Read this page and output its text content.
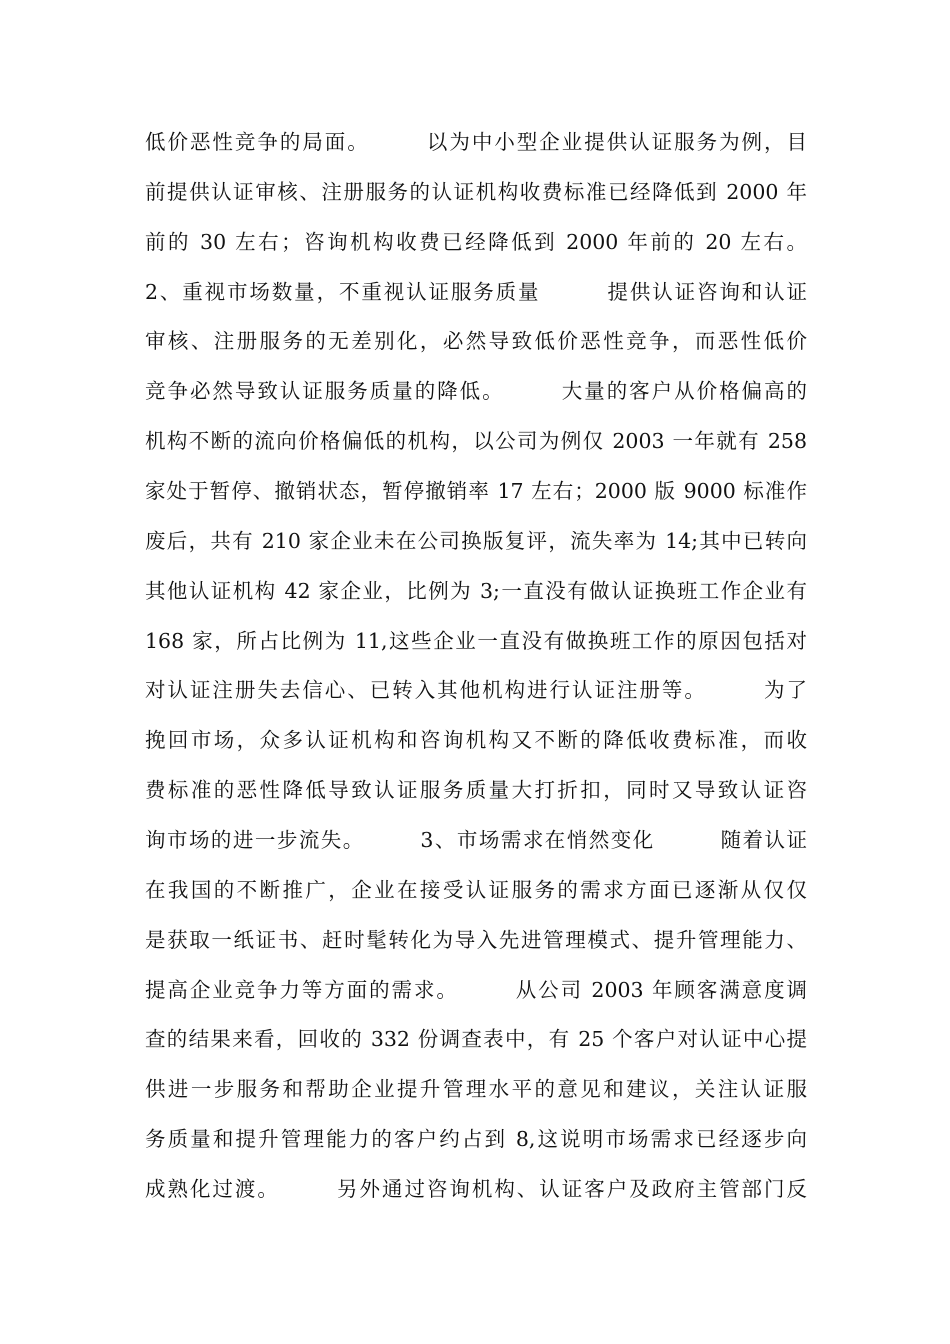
低价恶性竞争的局面。　　　以为中小型企业提供认证服务为例，目
前提供认证审核、注册服务的认证机构收费标准已经降低到 2000 年
前的 30 左右；咨询机构收费已经降低到 2000 年前的 20 左右。
2、重视市场数量，不重视认证服务质量　　　提供认证咨询和认证
审核、注册服务的无差别化，必然导致低价恶性竞争，而恶性低价
竞争必然导致认证服务质量的降低。　　　大量的客户从价格偏高的
机构不断的流向价格偏低的机构，以公司为例仅 2003 一年就有 258
家处于暂停、撤销状态，暂停撤销率 17 左右；2000 版 9000 标准作
废后，共有 210 家企业未在公司换版复评，流失率为 14;其中已转向
其他认证机构 42 家企业，比例为 3;一直没有做认证换班工作企业有
168 家，所占比例为 11,这些企业一直没有做换班工作的原因包括对
对认证注册失去信心、已转入其他机构进行认证注册等。　　　为了
挽回市场，众多认证机构和咨询机构又不断的降低收费标准，而收
费标准的恶性降低导致认证服务质量大打折扣，同时又导致认证咨
询市场的进一步流失。　　　3、市场需求在悄然变化　　　随着认证
在我国的不断推广，企业在接受认证服务的需求方面已逐渐从仅仅
是获取一纸证书、赶时髦转化为导入先进管理模式、提升管理能力、
提高企业竞争力等方面的需求。　　　从公司 2003 年顾客满意度调
查的结果来看，回收的 332 份调查表中，有 25 个客户对认证中心提
供进一步服务和帮助企业提升管理水平的意见和建议，关注认证服
务质量和提升管理能力的客户约占到 8,这说明市场需求已经逐步向
成熟化过渡。　　　另外通过咨询机构、认证客户及政府主管部门反
